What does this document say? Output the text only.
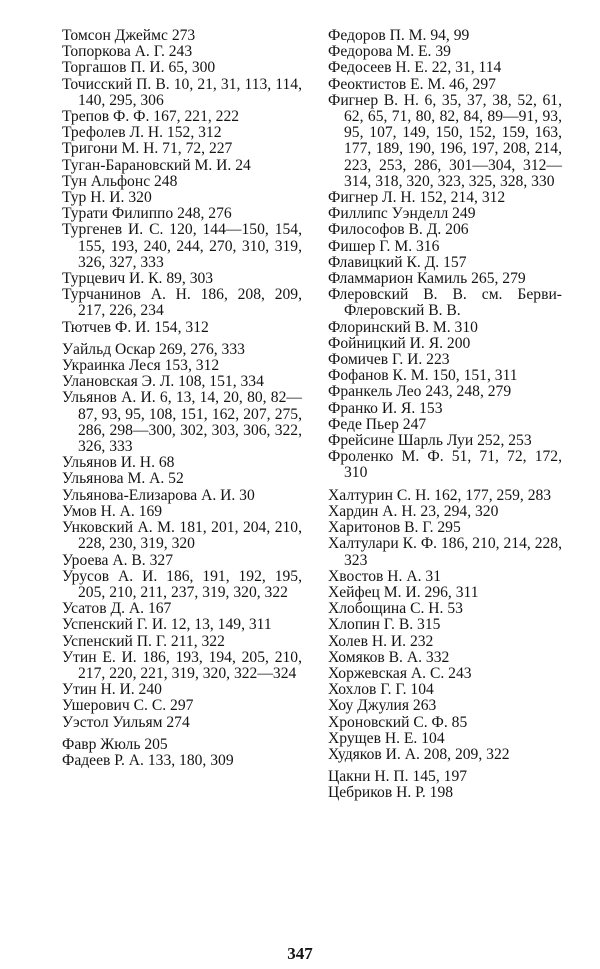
Томсон Джеймс 273
Топоркова А. Г. 243
Торгашов П. И. 65, 300
Точисский П. В. 10, 21, 31, 113, 114, 140, 295, 306
Трепов Ф. Ф. 167, 221, 222
Трефолев Л. Н. 152, 312
Тригони М. Н. 71, 72, 227
Туган-Барановский М. И. 24
Тун Альфонс 248
Тур Н. И. 320
Турати Филиппо 248, 276
Тургенев И. С. 120, 144—150, 154, 155, 193, 240, 244, 270, 310, 319, 326, 327, 333
Турцевич И. К. 89, 303
Турчанинов А. Н. 186, 208, 209, 217, 226, 234
Тютчев Ф. И. 154, 312
Уайльд Оскар 269, 276, 333
Украинка Леся 153, 312
Улановская Э. Л. 108, 151, 334
Ульянов А. И. 6, 13, 14, 20, 80, 82—87, 93, 95, 108, 151, 162, 207, 275, 286, 298—300, 302, 303, 306, 322, 326, 333
Ульянов И. Н. 68
Ульянова М. А. 52
Ульянова-Елизарова А. И. 30
Умов Н. А. 169
Унковский А. М. 181, 201, 204, 210, 228, 230, 319, 320
Уроева А. В. 327
Урусов А. И. 186, 191, 192, 195, 205, 210, 211, 237, 319, 320, 322
Усатов Д. А. 167
Успенский Г. И. 12, 13, 149, 311
Успенский П. Г. 211, 322
Утин Е. И. 186, 193, 194, 205, 210, 217, 220, 221, 319, 320, 322—324
Утин Н. И. 240
Ушерович С. С. 297
Уэстол Уильям 274
Фавр Жюль 205
Фадеев Р. А. 133, 180, 309
Федоров П. М. 94, 99
Федорова М. Е. 39
Федосеев Н. Е. 22, 31, 114
Феоктистов Е. М. 46, 297
Фигнер В. Н. 6, 35, 37, 38, 52, 61, 62, 65, 71, 80, 82, 84, 89—91, 93, 95, 107, 149, 150, 152, 159, 163, 177, 189, 190, 196, 197, 208, 214, 223, 253, 286, 301—304, 312—314, 318, 320, 323, 325, 328, 330
Фигнер Л. Н. 152, 214, 312
Филлипс Уэнделл 249
Философов В. Д. 206
Фишер Г. М. 316
Флавицкий К. Д. 157
Фламмарион Камиль 265, 279
Флеровский В. В. см. Берви-Флеровский В. В.
Флоринский В. М. 310
Фойницкий И. Я. 200
Фомичев Г. И. 223
Фофанов К. М. 150, 151, 311
Франкель Лео 243, 248, 279
Франко И. Я. 153
Феде Пьер 247
Фрейсине Шарль Луи 252, 253
Фроленко М. Ф. 51, 71, 72, 172, 310
Халтурин С. Н. 162, 177, 259, 283
Хардин А. Н. 23, 294, 320
Харитонов В. Г. 295
Халтулари К. Ф. 186, 210, 214, 228, 323
Хвостов Н. А. 31
Хейфец М. И. 296, 311
Хлобощина С. Н. 53
Хлопин Г. В. 315
Холев Н. И. 232
Хомяков В. А. 332
Хоржевская А. С. 243
Хохлов Г. Г. 104
Хоу Джулия 263
Хроновский С. Ф. 85
Хрущев Н. Е. 104
Худяков И. А. 208, 209, 322
Цакни Н. П. 145, 197
Цебриков Н. Р. 198
347
